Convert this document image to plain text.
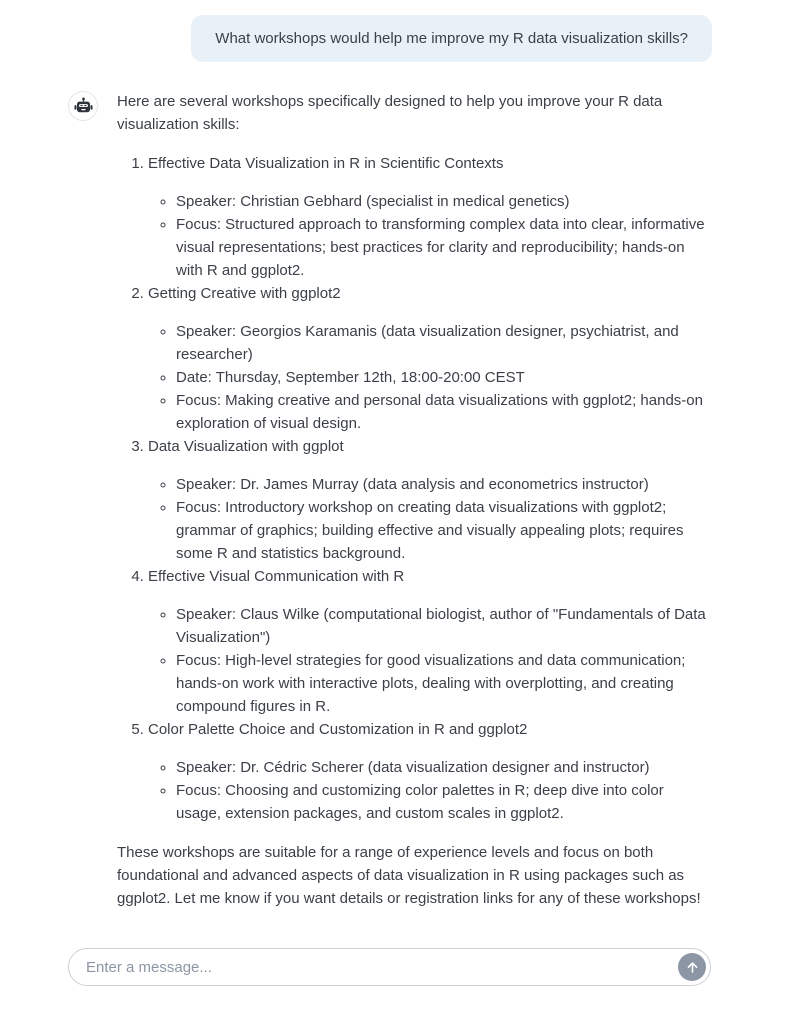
What workshops would help me improve my R data visualization skills?

Here are several workshops specifically designed to help you improve your R data visualization skills:

1. Effective Data Visualization in R in Scientific Contexts
◦ Speaker: Christian Gebhard (specialist in medical genetics)
◦ Focus: Structured approach to transforming complex data into clear, informative visual representations; best practices for clarity and reproducibility; hands-on with R and ggplot2.
2. Getting Creative with ggplot2
◦ Speaker: Georgios Karamanis (data visualization designer, psychiatrist, and researcher)
◦ Date: Thursday, September 12th, 18:00-20:00 CEST
◦ Focus: Making creative and personal data visualizations with ggplot2; hands-on exploration of visual design.
3. Data Visualization with ggplot
◦ Speaker: Dr. James Murray (data analysis and econometrics instructor)
◦ Focus: Introductory workshop on creating data visualizations with ggplot2; grammar of graphics; building effective and visually appealing plots; requires some R and statistics background.
4. Effective Visual Communication with R
◦ Speaker: Claus Wilke (computational biologist, author of "Fundamentals of Data Visualization")
◦ Focus: High-level strategies for good visualizations and data communication; hands-on work with interactive plots, dealing with overplotting, and creating compound figures in R.
5. Color Palette Choice and Customization in R and ggplot2
◦ Speaker: Dr. Cédric Scherer (data visualization designer and instructor)
◦ Focus: Choosing and customizing color palettes in R; deep dive into color usage, extension packages, and custom scales in ggplot2.

These workshops are suitable for a range of experience levels and focus on both foundational and advanced aspects of data visualization in R using packages such as ggplot2. Let me know if you want details or registration links for any of these workshops!

Enter a message...
